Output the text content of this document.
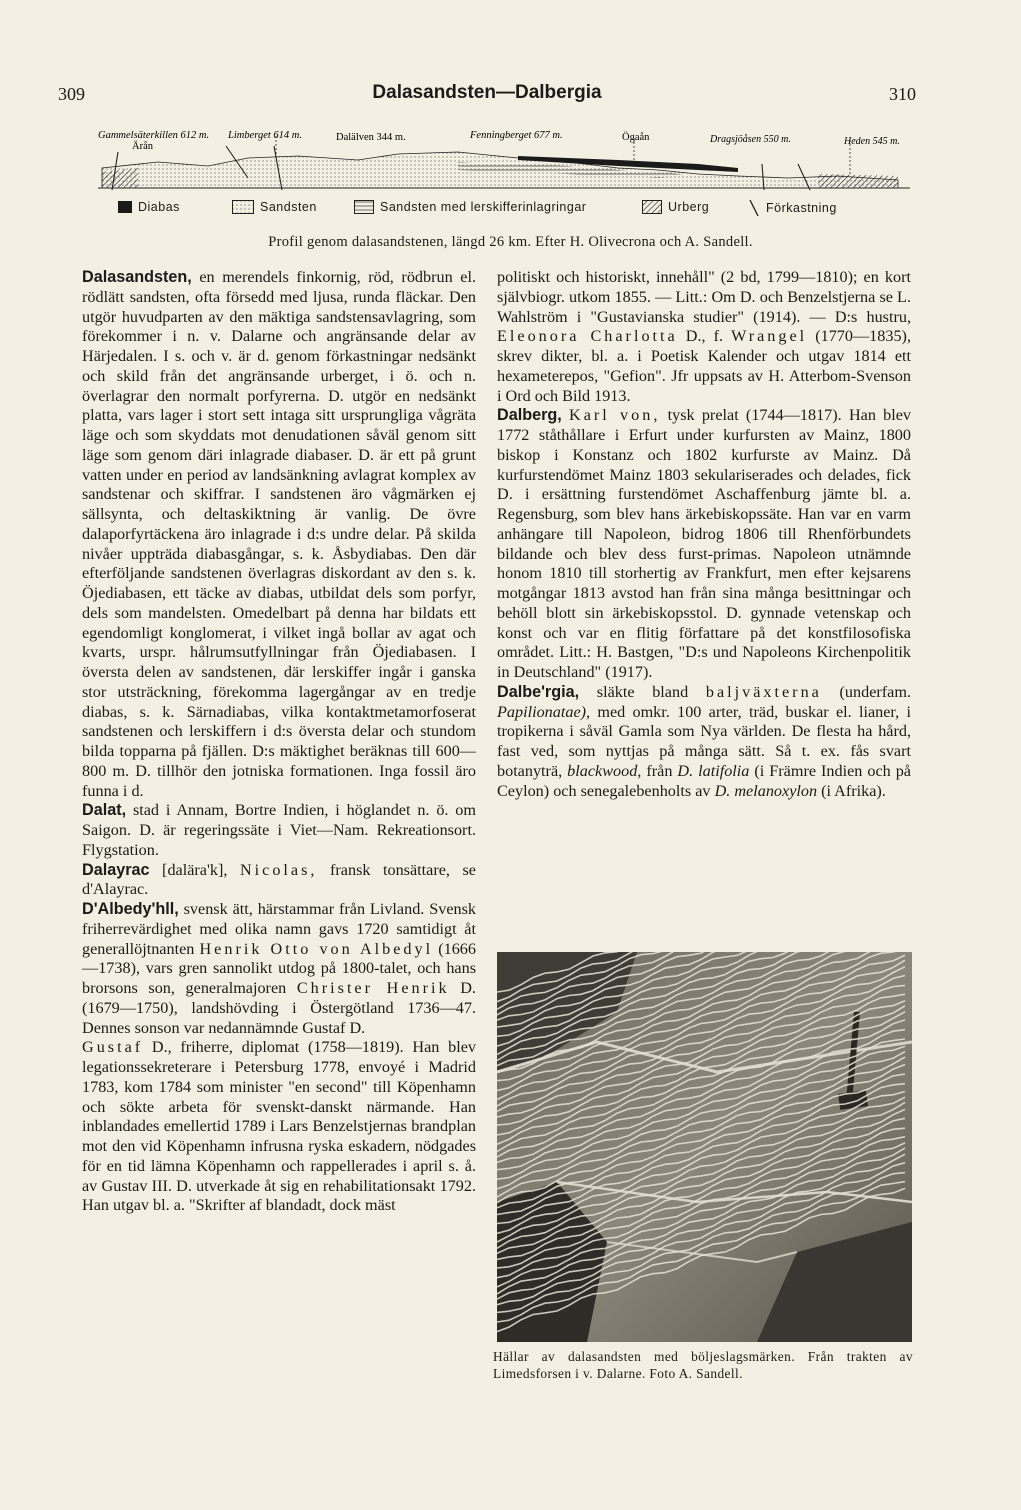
309	Dalasandsten—Dalbergia	310
Gammelsäterkillen 612 m.
Ärån
Limberget 614 m.	Dalälven 344 m.	Fenningberget 677 m.	Ögaån	Dragsjöåsen 550 m.	Heden 545 m.
Diabas	Sandsten	Sandsten med lerskifferinlagringar	Urberg	Förkastning
Profil genom dalasandstenen, längd 26 km. Efter H. Olivecrona och A. Sandell.

Dalasandsten, en merendels finkornig, röd, rödbrun el. rödlätt sandsten, ofta försedd med ljusa, runda fläckar. Den utgör huvudparten av den mäktiga sandstensavlagring, som förekommer i n. v. Dalarne och angränsande delar av Härjedalen. I s. och v. är d. genom förkastningar nedsänkt och skild från det angränsande urberget, i ö. och n. överlagrar den normalt porfyrerna. D. utgör en nedsänkt platta, vars lager i stort sett intaga sitt ursprungliga vågräta läge och som skyddats mot denudationen såväl genom sitt läge som genom däri inlagrade diabaser. D. är ett på grunt vatten under en period av landsänkning avlagrat komplex av sandstenar och skiffrar. I sandstenen äro vågmärken ej sällsynta, och deltaskiktning är vanlig. De övre dalaporfyrtäckena äro inlagrade i d:s undre delar. På skilda nivåer uppträda diabasgångar, s. k. Åsbydiabas. Den där efterföljande sandstenen överlagras diskordant av den s. k. Öjediabasen, ett täcke av diabas, utbildat dels som porfyr, dels som mandelsten. Omedelbart på denna har bildats ett egendomligt konglomerat, i vilket ingå bollar av agat och kvarts, urspr. hålrumsutfyllningar från Öjediabasen. I översta delen av sandstenen, där lerskiffer ingår i ganska stor utsträckning, förekomma lagergångar av en tredje diabas, s. k. Särnadiabas, vilka kontaktmetamorfoserat sandstenen och lerskiffern i d:s översta delar och stundom bilda topparna på fjällen. D:s mäktighet beräknas till 600—800 m. D. tillhör den jotniska formationen. Inga fossil äro funna i d.

Dalat, stad i Annam, Bortre Indien, i höglandet n. ö. om Saigon. D. är regeringssäte i Viet—Nam. Rekreationsort. Flygstation.

Dalayrac [dalära'k], Nicolas, fransk tonsättare, se d'Alayrac.

D'Albedy'hll, svensk ätt, härstammar från Livland. Svensk friherrevärdighet med olika namn gavs 1720 samtidigt åt generallöjtnanten Henrik Otto von Albedyl (1666—1738), vars gren sannolikt utdog på 1800-talet, och hans brorsons son, generalmajoren Christer Henrik D. (1679—1750), landshövding i Östergötland 1736—47. Dennes sonson var nedannämnde Gustaf D.

Gustaf D., friherre, diplomat (1758—1819). Han blev legationssekreterare i Petersburg 1778, envoyé i Madrid 1783, kom 1784 som minister "en second" till Köpenhamn och sökte arbeta för svenskt-danskt närmande. Han inblandades emellertid 1789 i Lars Benzelstjernas brandplan mot den vid Köpenhamn infrusna ryska eskadern, nödgades för en tid lämna Köpenhamn och rappellerades i april s. å. av Gustav III. D. utverkade åt sig en rehabilitationsakt 1792. Han utgav bl. a. "Skrifter af blandadt, dock mäst

politiskt och historiskt, innehåll" (2 bd, 1799—1810); en kort självbiogr. utkom 1855. — Litt.: Om D. och Benzelstjerna se L. Wahlström i "Gustavianska studier" (1914). — D:s hustru, Eleonora Charlotta D., f. Wrangel (1770—1835), skrev dikter, bl. a. i Poetisk Kalender och utgav 1814 ett hexameterepos, "Gefion". Jfr uppsats av H. Atterbom-Svenson i Ord och Bild 1913.

Dalberg, Karl von, tysk prelat (1744—1817). Han blev 1772 ståthållare i Erfurt under kurfursten av Mainz, 1800 biskop i Konstanz och 1802 kurfurste av Mainz. Då kurfurstendömet Mainz 1803 sekulariserades och delades, fick D. i ersättning furstendömet Aschaffenburg jämte bl. a. Regensburg, som blev hans ärkebiskopssäte. Han var en varm anhängare till Napoleon, bidrog 1806 till Rhenförbundets bildande och blev dess furst-primas. Napoleon utnämnde honom 1810 till storhertig av Frankfurt, men efter kejsarens motgångar 1813 avstod han från sina många besittningar och behöll blott sin ärkebiskopsstol. D. gynnade vetenskap och konst och var en flitig författare på det konstfilosofiska området. Litt.: H. Bastgen, "D:s und Napoleons Kirchenpolitik in Deutschland" (1917).

Dalbe'rgia, släkte bland baljväxterna (underfam. Papilionatae), med omkr. 100 arter, träd, buskar el. lianer, i tropikerna i såväl Gamla som Nya världen. De flesta ha hård, fast ved, som nyttjas på många sätt. Så t. ex. fås svart botanyträ, blackwood, från D. latifolia (i Främre Indien och på Ceylon) och senegalebenholts av D. melanoxylon (i Afrika).

Hällar av dalasandsten med böljeslagsmärken. Från trakten av Limedsforsen i v. Dalarne. Foto A. Sandell.
